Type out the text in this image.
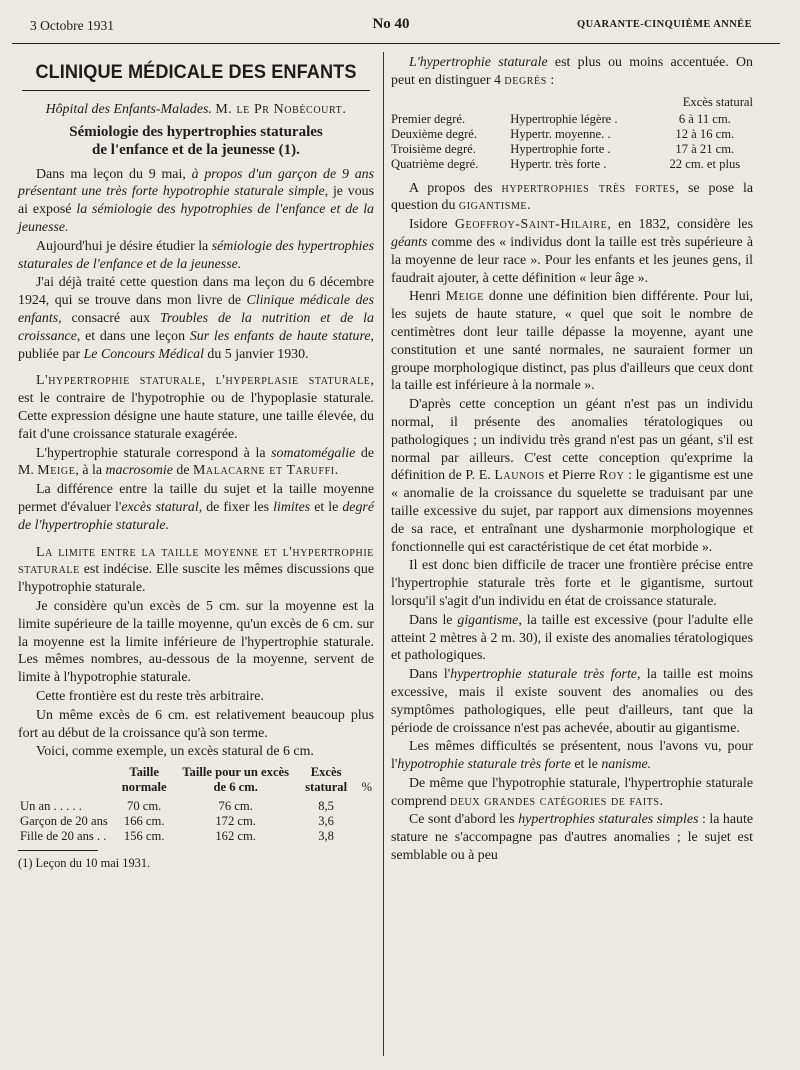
3 Octobre 1931	No 40	QUARANTE-CINQUIÈME ANNÉE
CLINIQUE MÉDICALE DES ENFANTS

Hôpital des Enfants-Malades. M. le Pr Nobécourt.

Sémiologie des hypertrophies staturales
de l'enfance et de la jeunesse (1).

Dans ma leçon du 9 mai, à propos d'un garçon de 9 ans présentant une très forte hypotrophie staturale simple, je vous ai exposé la sémiologie des hypotrophies de l'enfance et de la jeunesse.

Aujourd'hui je désire étudier la sémiologie des hypertrophies staturales de l'enfance et de la jeunesse.

J'ai déjà traité cette question dans ma leçon du 6 décembre 1924, qui se trouve dans mon livre de Clinique médicale des enfants, consacré aux Troubles de la nutrition et de la croissance, et dans une leçon Sur les enfants de haute stature, publiée par Le Concours Médical du 5 janvier 1930.

L'hypertrophie staturale, l'hyperplasie staturale, est le contraire de l'hypotrophie ou de l'hypoplasie staturale. Cette expression désigne une haute stature, une taille élevée, du fait d'une croissance staturale exagérée.

L'hypertrophie staturale correspond à la somatomégalie de M. Meige, à la macrosomie de Malacarne et Taruffi.

La différence entre la taille du sujet et la taille moyenne permet d'évaluer l'excès statural, de fixer les limites et le degré de l'hypertrophie staturale.

La limite entre la taille moyenne et l'hypertrophie staturale est indécise. Elle suscite les mêmes discussions que l'hypotrophie staturale.

Je considère qu'un excès de 5 cm. sur la moyenne est la limite supérieure de la taille moyenne, qu'un excès de 6 cm. sur la moyenne est la limite inférieure de l'hypertrophie staturale. Les mêmes nombres, au-dessous de la moyenne, servent de limite à l'hypotrophie staturale.

Cette frontière est du reste très arbitraire.

Un même excès de 6 cm. est relativement beaucoup plus fort au début de la croissance qu'à son terme.

Voici, comme exemple, un excès statural de 6 cm.

	Taille normale	Taille pour un excès de 6 cm.	Excès statural	%
Un an . . . . .	70 cm.	76 cm.	8,5	
Garçon de 20 ans	166 cm.	172 cm.	3,6	
Fille de 20 ans . .	156 cm.	162 cm.	3,8	

(1) Leçon du 10 mai 1931.

L'hypertrophie staturale est plus ou moins accentuée. On peut en distinguer 4 degrés :

		Excès statural
Premier degré.	Hypertrophie légère .	6 à 11 cm.
Deuxième degré.	Hypertr. moyenne. .	12 à 16 cm.
Troisième degré.	Hypertrophie forte .	17 à 21 cm.
Quatrième degré.	Hypertr. très forte .	22 cm. et plus

A propos des hypertrophies très fortes, se pose la question du gigantisme.

Isidore Geoffroy-Saint-Hilaire, en 1832, considère les géants comme des « individus dont la taille est très supérieure à la moyenne de leur race ». Pour les enfants et les jeunes gens, il faudrait ajouter, à cette définition « leur âge ».

Henri Meige donne une définition bien différente. Pour lui, les sujets de haute stature, « quel que soit le nombre de centimètres dont leur taille dépasse la moyenne, ayant une constitution et une santé normales, ne sauraient former un groupe morphologique distinct, pas plus d'ailleurs que ceux dont la taille est inférieure à la normale ».

D'après cette conception un géant n'est pas un individu normal, il présente des anomalies tératologiques ou pathologiques ; un individu très grand n'est pas un géant, s'il est normal par ailleurs. C'est cette conception qu'exprime la définition de P. E. Launois et Pierre Roy : le gigantisme est une « anomalie de la croissance du squelette se traduisant par une taille excessive du sujet, par rapport aux dimensions moyennes de sa race, et entraînant une dysharmonie morphologique et fonctionnelle qui est caractéristique de cet état morbide ».

Il est donc bien difficile de tracer une frontière précise entre l'hypertrophie staturale très forte et le gigantisme, surtout lorsqu'il s'agit d'un individu en état de croissance staturale.

Dans le gigantisme, la taille est excessive (pour l'adulte elle atteint 2 mètres à 2 m. 30), il existe des anomalies tératologiques et pathologiques.

Dans l'hypertrophie staturale très forte, la taille est moins excessive, mais il existe souvent des anomalies ou des symptômes pathologiques, elle peut d'ailleurs, tant que la période de croissance n'est pas achevée, aboutir au gigantisme.

Les mêmes difficultés se présentent, nous l'avons vu, pour l'hypotrophie staturale très forte et le nanisme.

De même que l'hypotrophie staturale, l'hypertrophie staturale comprend deux grandes catégories de faits.

Ce sont d'abord les hypertrophies staturales simples : la haute stature ne s'accompagne pas d'autres anomalies ; le sujet est semblable ou à peu
